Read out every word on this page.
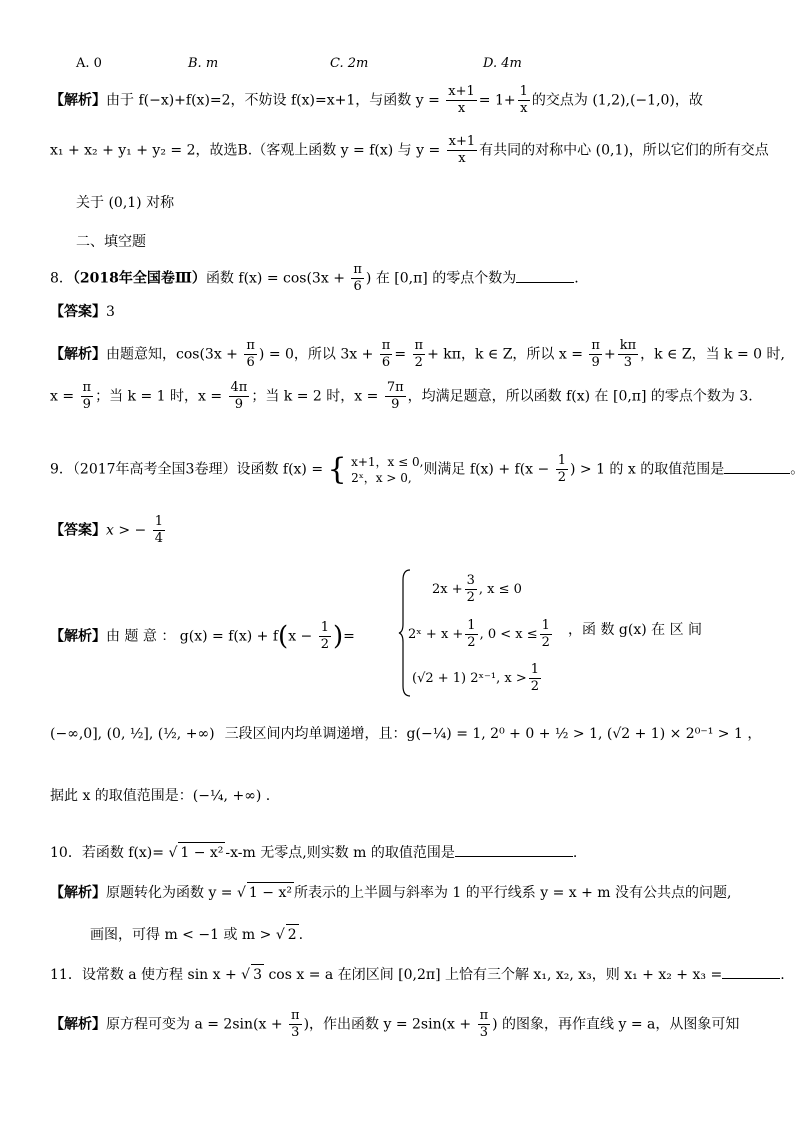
A. 0	B. m	C. 2m	D. 4m
【解析】由于 f(−x)+f(x)=2，不妨设 f(x)=x+1，与函数 $y = \frac{x+1}{x} = 1+ \frac{1}{x}$ 的交点为 (1,2),(−1,0)，故
x₁ + x₂ + y₁ + y₂ = 2，故选B.（客观上函数 y = f(x) 与 $y = \frac{x+1}{x}$ 有共同的对称中心 (0,1)，所以它们的所有交点
关于 (0,1) 对称
二、填空题
8．（2018年全国卷Ⅲ）函数 $f(x) = \cos(3x + \frac{\pi}{6}$ ) 在 [0,π] 的零点个数为	.
【答案】3
【解析】由题意知，$\cos(3x + \frac{\pi}{6}$ ) = 0，所以 $3x + \frac{\pi}{6} = \frac{\pi}{2} + k\pi$，k ∈ Z，所以 $x = \frac{\pi}{9} + \frac{k\pi}{3}$ ，k ∈ Z，当 k = 0 时,
$x = \frac{\pi}{9}$ ；当 k = 1 时，$x = \frac{4\pi}{9}$ ；当 k = 2 时，$x = \frac{7\pi}{9}$ ，均满足题意，所以函数 f(x) 在 [0,π] 的零点个数为 3.
9．（2017年高考全国3卷理）设函数 f(x) = { x+1，x ≤ 0,
2ˣ，x > 0, 则满足 $f(x) + f(x - \frac{1}{2}$ ) > 1 的 x 的取值范围是	。
【答案】x > − $\frac{1}{4}$
【解析】由 题 意 ： $g(x) = f(x) + f(x - \frac{1}{2}$ )=
$2x + \frac{3}{2}$ , x ≤ 0
2ˣ + $x + \frac{1}{2}$ , $0 < x \le \frac{1}{2}$
(√2 + 1) 2ˣ⁻¹, $x > \frac{1}{2}$
，函 数 g(x) 在 区 间
(−∞,0], (0, ½], (½, +∞) 三段区间内均单调递增，且：g(−¼) = 1, 2⁰ + 0 + ½ > 1, (√2 + 1) × 2⁰⁻¹ > 1 ，
据此 x 的取值范围是：(−¼, +∞) .
10．若函数 f(x)= √ 1 − x² -x-m 无零点,则实数 m 的取值范围是	.
【解析】原题转化为函数 y = √ 1 − x² 所表示的上半圆与斜率为 1 的平行线系 y = x + m 没有公共点的问题,
画图，可得 m < −1 或 m > √ 2 .
11．设常数 a 使方程 sin x + √ 3 cos x = a 在闭区间 [0,2π] 上恰有三个解 x₁, x₂, x₃，则 x₁ + x₂ + x₃ =	.
【解析】原方程可变为 $a = 2\sin(x + \frac{\pi}{3}$ )，作出函数 $y = 2\sin(x + \frac{\pi}{3}$ ) 的图象，再作直线 y = a，从图象可知
